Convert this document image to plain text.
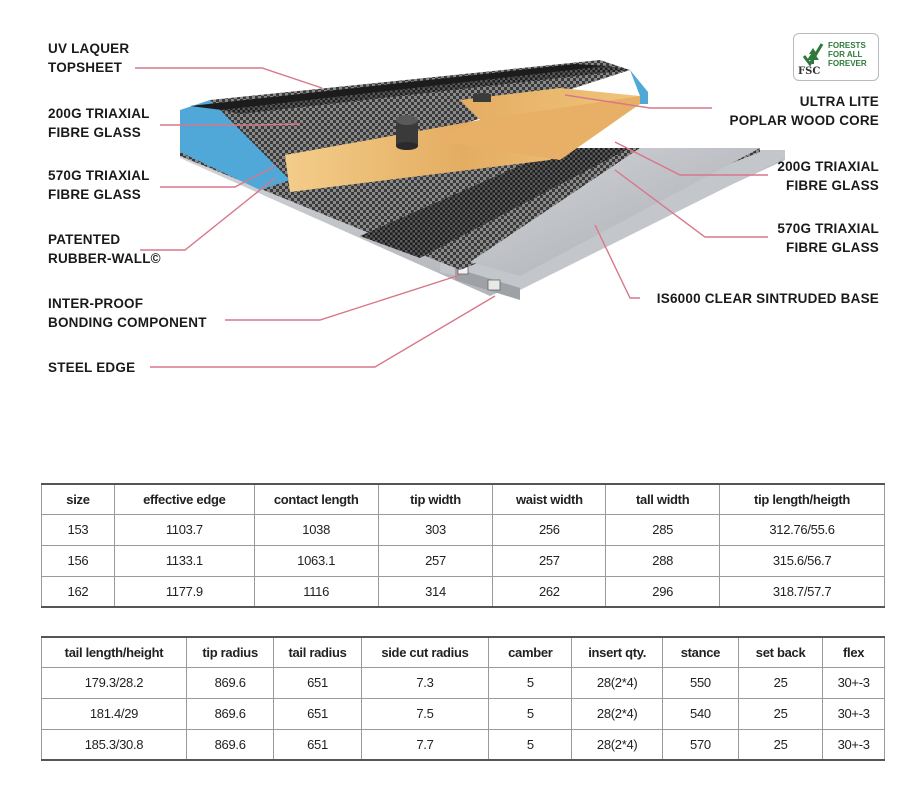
UV LAQUER
TOPSHEET
200G TRIAXIAL
FIBRE GLASS
570G TRIAXIAL
FIBRE GLASS
PATENTED
RUBBER-WALL©
INTER-PROOF
BONDING COMPONENT
STEEL EDGE
ULTRA LITE
POPLAR WOOD CORE
200G TRIAXIAL
FIBRE GLASS
570G TRIAXIAL
FIBRE GLASS
IS6000 CLEAR SINTRUDED BASE
FSC
FORESTS
FOR ALL
FOREVER
size	effective edge	contact length	tip width	waist width	tall width	tip length/heigth
153	1103.7	1038	303	256	285	312.76/55.6
156	1133.1	1063.1	257	257	288	315.6/56.7
162	1177.9	1116	314	262	296	318.7/57.7
tail length/height	tip radius	tail radius	side cut radius	camber	insert qty.	stance	set back	flex
179.3/28.2	869.6	651	7.3	5	28(2*4)	550	25	30+-3
181.4/29	869.6	651	7.5	5	28(2*4)	540	25	30+-3
185.3/30.8	869.6	651	7.7	5	28(2*4)	570	25	30+-3
